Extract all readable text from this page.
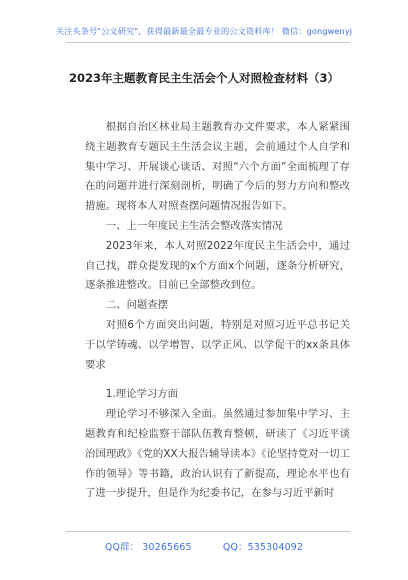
关注头条号"公文研究"，获得最新最全最专业的公文资料库！ 微信：gongwenyj
2023年主题教育民主生活会个人对照检查材料（3）

根据自治区林业局主题教育办文件要求，本人紧紧围绕主题教育专题民主生活会议主题，会前通过个人自学和集中学习、开展谈心谈话、对照“六个方面”全面梳理了存在的问题并进行深刻剖析，明确了今后的努力方向和整改措施。现将本人对照查摆问题情况报告如下。

一、上一年度民主生活会整改落实情况

2023年来，本人对照2022年度民主生活会中，通过自己找，群众提发现的x个方面x个问题，逐条分析研究，逐条推进整改。目前已全部整改到位。

二、问题查摆

对照6个方面突出问题，特别是对照习近平总书记关于以学铸魂、以学增智、以学正风、以学促干的xx条具体要求

1.理论学习方面

理论学习不够深入全面。虽然通过参加集中学习、主题教育和纪检监察干部队伍教育整顿，研读了《习近平谈治国理政》《党的XX大报告辅导读本》《论坚持党对一切工作的领导》等书籍，政治认识有了新提高，理论水平也有了进一步提升，但是作为纪委书记，在参与习近平新时

QQ群： 30265665	QQ：535304092
